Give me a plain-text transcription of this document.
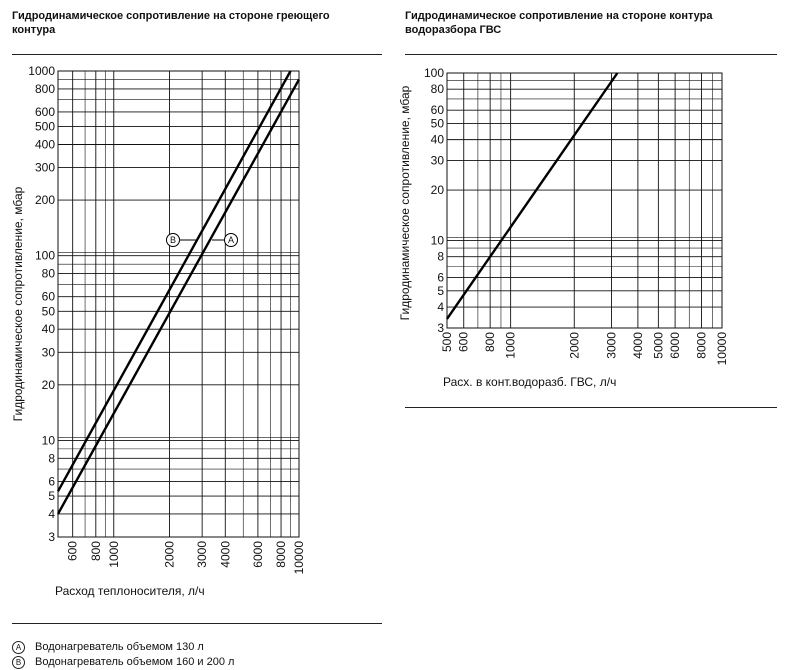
Гидродинамическое сопротивление на стороне греющего
контура
Гидродинамическое сопротивление на стороне контура
водоразбора ГВС
3
4
5
6
8
10
20
30
40
50
60
80
100
200
300
400
500
600
800
1000
600 800 1000	2000 3000 4000 6000 8000 10000
Расход теплоносителя, л/ч
Гидродинамическое сопротивление, мбар	B	A
3
4
5
6
8
10
20
30
40
50
60
80
100
500 600 800 1000	2000 3000 4000 5000 6000 8000 10000
Расх. в конт.водоразб. ГВС, л/ч
Гидродинамическое сопротивление, мбар
A	Водонагреватель объемом 130 л
B	Водонагреватель объемом 160 и 200 л
